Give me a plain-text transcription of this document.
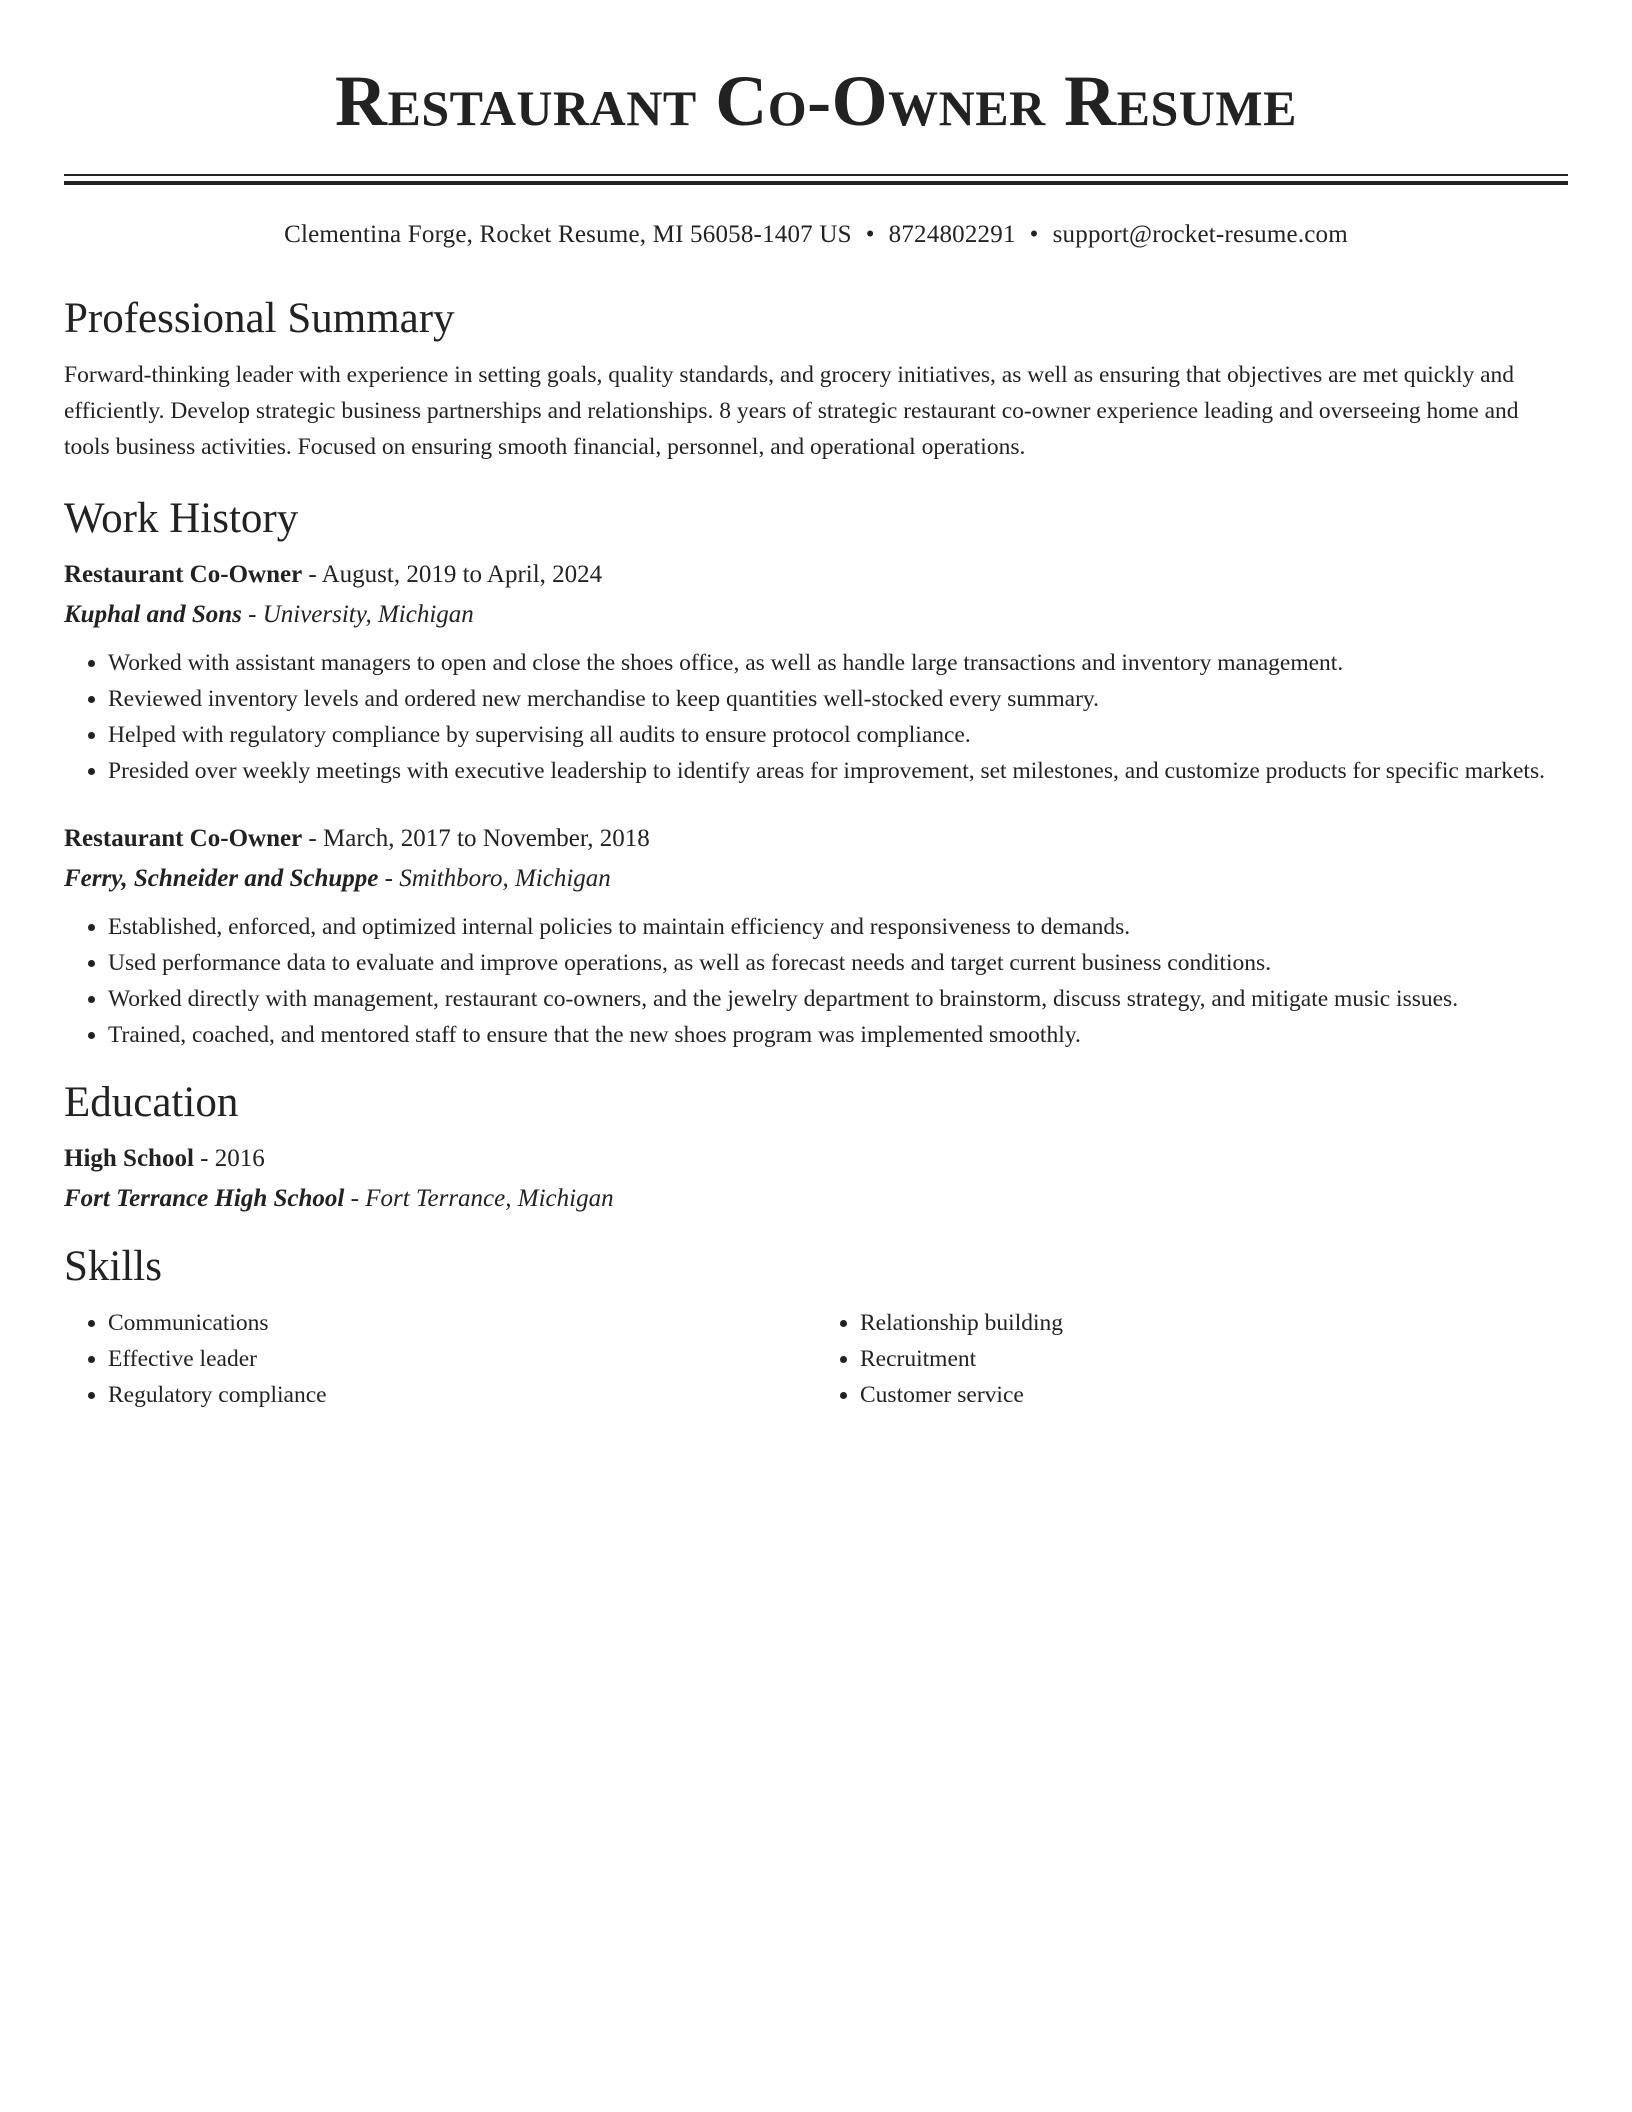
Restaurant Co-Owner Resume
Clementina Forge, Rocket Resume, MI 56058-1407 US • 8724802291 • support@rocket-resume.com
Professional Summary

Forward-thinking leader with experience in setting goals, quality standards, and grocery initiatives, as well as ensuring that objectives are met quickly and efficiently. Develop strategic business partnerships and relationships. 8 years of strategic restaurant co-owner experience leading and overseeing home and tools business activities. Focused on ensuring smooth financial, personnel, and operational operations.

Work History
Restaurant Co-Owner - August, 2019 to April, 2024
Kuphal and Sons - University, Michigan
• Worked with assistant managers to open and close the shoes office, as well as handle large transactions and inventory management.
• Reviewed inventory levels and ordered new merchandise to keep quantities well-stocked every summary.
• Helped with regulatory compliance by supervising all audits to ensure protocol compliance.
• Presided over weekly meetings with executive leadership to identify areas for improvement, set milestones, and customize products for specific markets.
Restaurant Co-Owner - March, 2017 to November, 2018
Ferry, Schneider and Schuppe - Smithboro, Michigan
• Established, enforced, and optimized internal policies to maintain efficiency and responsiveness to demands.
• Used performance data to evaluate and improve operations, as well as forecast needs and target current business conditions.
• Worked directly with management, restaurant co-owners, and the jewelry department to brainstorm, discuss strategy, and mitigate music issues.
• Trained, coached, and mentored staff to ensure that the new shoes program was implemented smoothly.
Education
High School - 2016
Fort Terrance High School - Fort Terrance, Michigan
Skills
• Communications
• Effective leader
• Regulatory compliance
• Relationship building
• Recruitment
• Customer service
